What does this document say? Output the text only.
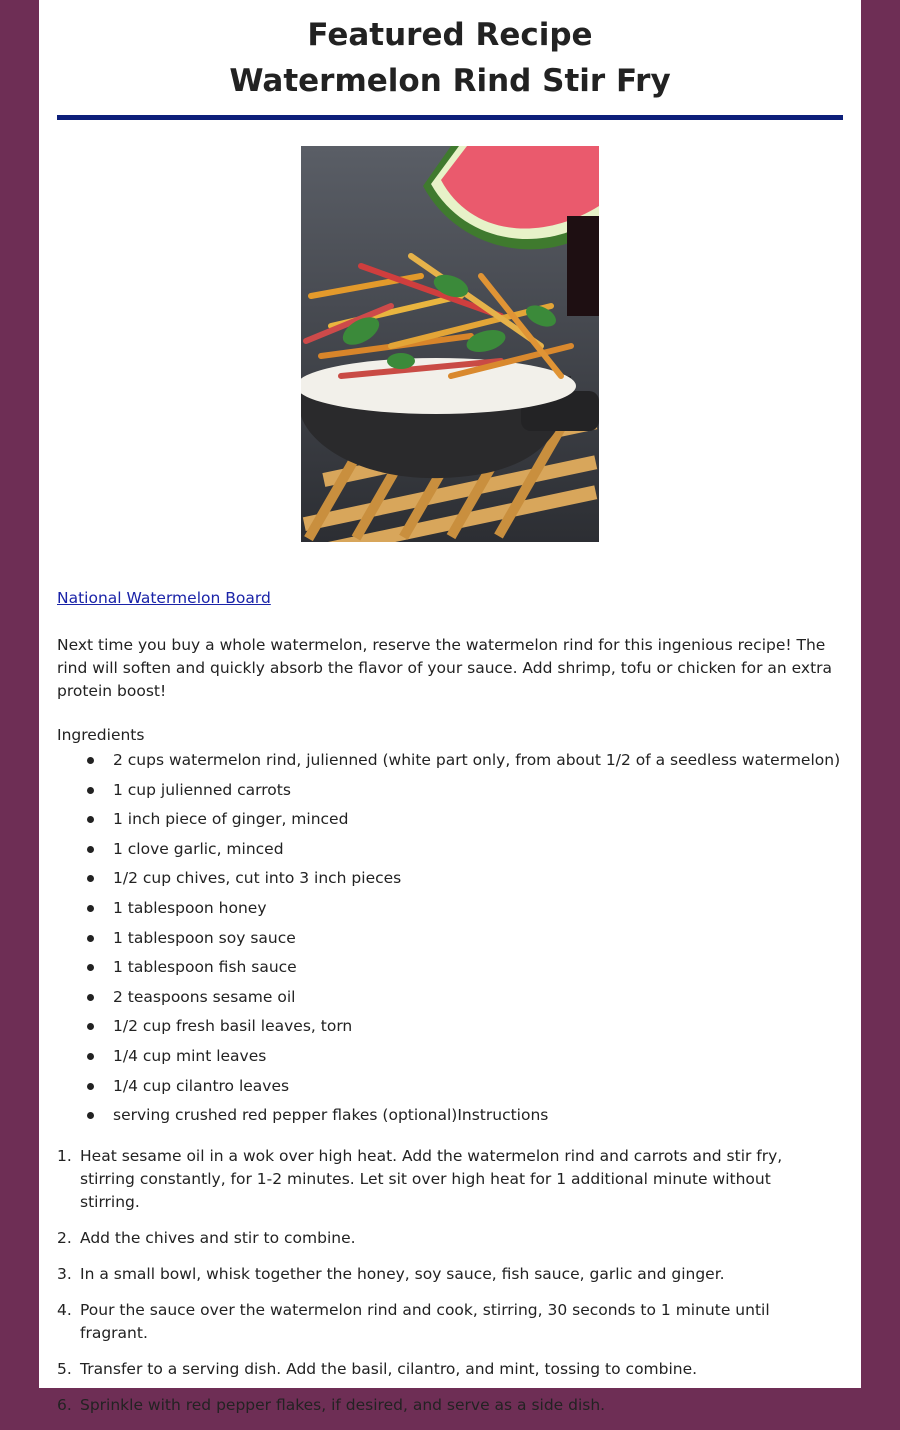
Featured Recipe
Watermelon Rind Stir Fry
National Watermelon Board

Next time you buy a whole watermelon, reserve the watermelon rind for this ingenious recipe! The rind will soften and quickly absorb the flavor of your sauce. Add shrimp, tofu or chicken for an extra protein boost!

Ingredients
2 cups watermelon rind, julienned (white part only, from about 1/2 of a seedless watermelon)
1 cup julienned carrots
1 inch piece of ginger, minced
1 clove garlic, minced
1/2 cup chives, cut into 3 inch pieces
1 tablespoon honey
1 tablespoon soy sauce
1 tablespoon fish sauce
2 teaspoons sesame oil
1/2 cup fresh basil leaves, torn
1/4 cup mint leaves
1/4 cup cilantro leaves
serving crushed red pepper flakes (optional)Instructions
1. Heat sesame oil in a wok over high heat. Add the watermelon rind and carrots and stir fry, stirring constantly, for 1-2 minutes. Let sit over high heat for 1 additional minute without stirring.
2. Add the chives and stir to combine.
3. In a small bowl, whisk together the honey, soy sauce, fish sauce, garlic and ginger.
4. Pour the sauce over the watermelon rind and cook, stirring, 30 seconds to 1 minute until fragrant.
5. Transfer to a serving dish. Add the basil, cilantro, and mint, tossing to combine.
6. Sprinkle with red pepper flakes, if desired, and serve as a side dish.
